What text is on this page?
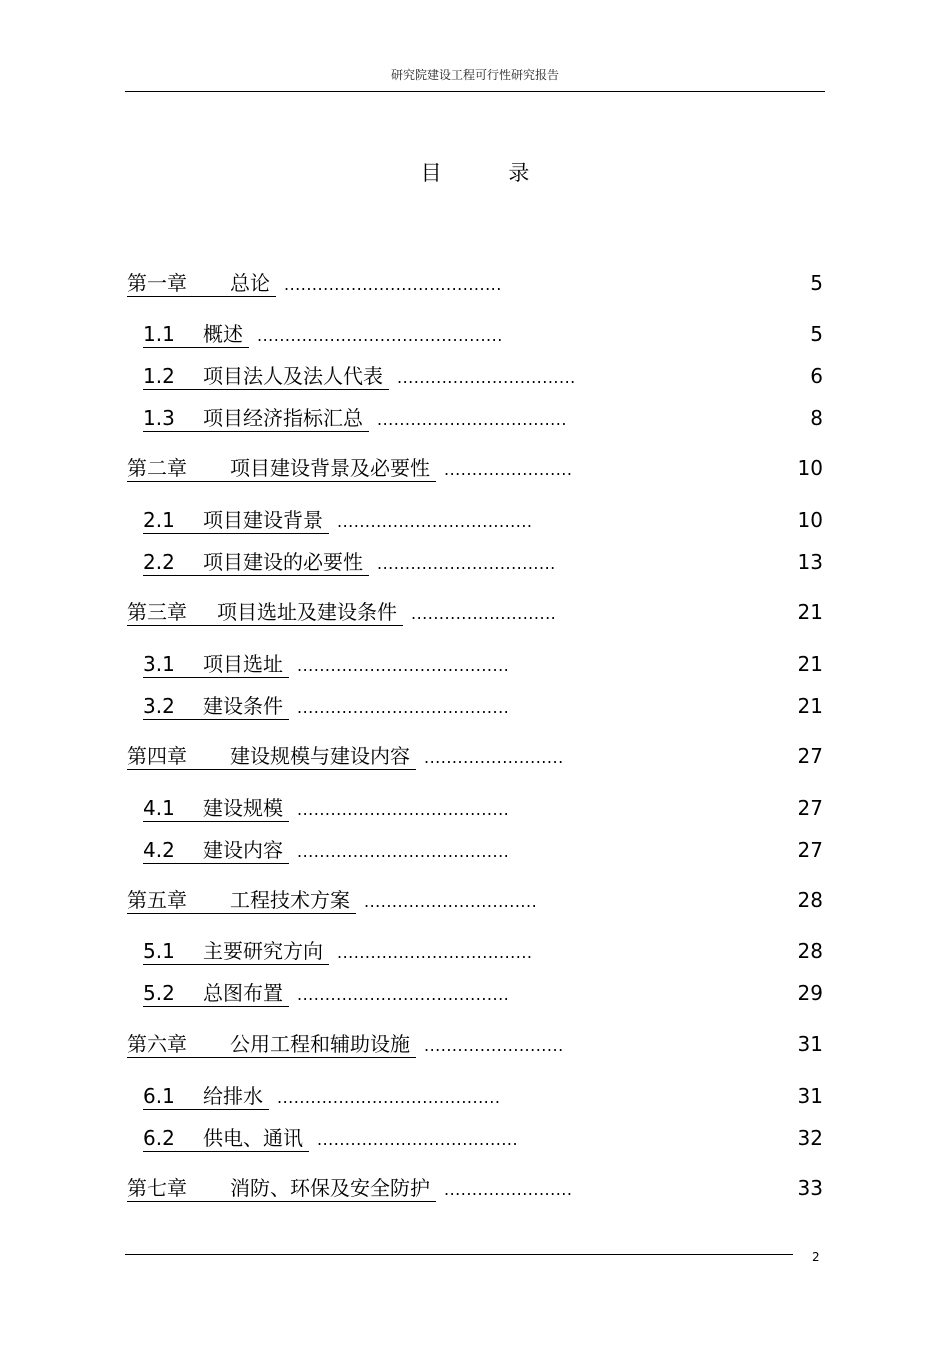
研究院建设工程可行性研究报告
目 录
第一章 总论 .......................................	5
1.1 概述 ............................................	5
1.2 项目法人及法人代表 ................................	6
1.3 项目经济指标汇总 ..................................	8
第二章 项目建设背景及必要性 .......................	10
2.1 项目建设背景 ...................................	10
2.2 项目建设的必要性 ................................	13
第三章 项目选址及建设条件 ..........................	21
3.1 项目选址 ......................................	21
3.2 建设条件 ......................................	21
第四章 建设规模与建设内容 .........................	27
4.1 建设规模 ......................................	27
4.2 建设内容 ......................................	27
第五章 工程技术方案 ...............................	28
5.1 主要研究方向 ...................................	28
5.2 总图布置 ......................................	29
第六章 公用工程和辅助设施 .........................	31
6.1 给排水 ........................................	31
6.2 供电、通讯 ....................................	32
第七章 消防、环保及安全防护 .......................	33
2
